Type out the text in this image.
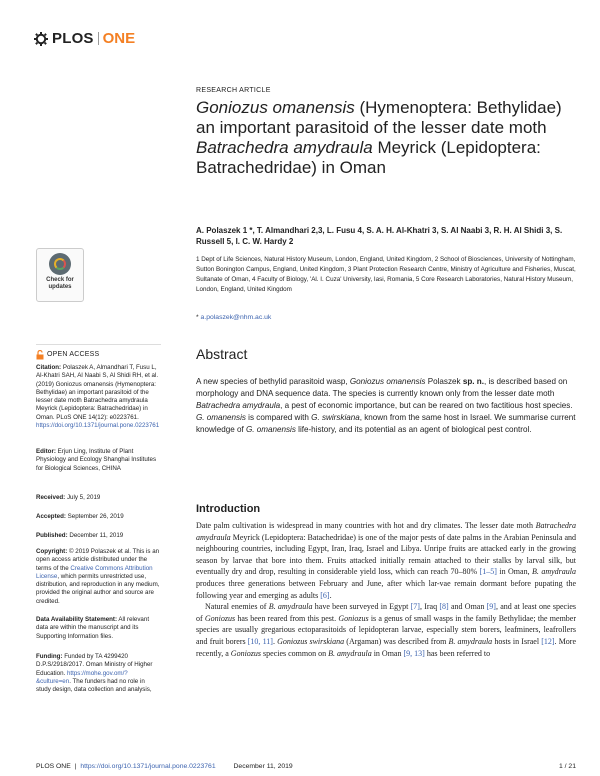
PLOS ONE
RESEARCH ARTICLE
Goniozus omanensis (Hymenoptera: Bethylidae) an important parasitoid of the lesser date moth Batrachedra amydraula Meyrick (Lepidoptera: Batrachedridae) in Oman
A. Polaszek 1 *, T. Almandhari 2,3, L. Fusu 4, S. A. H. Al-Khatri 3, S. Al Naabi 3, R. H. Al Shidi 3, S. Russell 5, I. C. W. Hardy 2
1 Dept of Life Sciences, Natural History Museum, London, England, United Kingdom, 2 School of Biosciences, University of Nottingham, Sutton Bonington Campus, England, United Kingdom, 3 Plant Protection Research Centre, Ministry of Agriculture and Fisheries, Muscat, Sultanate of Oman, 4 Faculty of Biology, 'Al. I. Cuza' University, Iasi, Romania, 5 Core Research Laboratories, Natural History Museum, London, England, United Kingdom
* a.polaszek@nhm.ac.uk
Abstract
A new species of bethylid parasitoid wasp, Goniozus omanensis Polaszek sp. n., is described based on morphology and DNA sequence data. The species is currently known only from the lesser date moth Batrachedra amydraula, a pest of economic importance, but can be reared on two factitious host species. G. omanensis is compared with G. swirskiana, known from the same host in Israel. We summarise current knowledge of G. omanensis life-history, and its potential as an agent of biological pest control.
Introduction

Date palm cultivation is widespread in many countries with hot and dry climates. The lesser date moth Batrachedra amydraula Meyrick (Lepidoptera: Batachedridae) is one of the major pests of date palms in the Arabian Peninsula and neighbouring countries, including Egypt, Iran, Iraq, Israel and Libya. Unripe fruits are attacked early in the growing season by larvae that bore into them. Fruits attacked initially remain attached to their stalks by larval silk, but eventually dry and drop, resulting in considerable yield loss, which can reach 70–80% [1–5] in Oman, B. amydraula produces three generations between February and June, after which lar-vae remain dormant before pupating the following year and emerging as adults [6].

Natural enemies of B. amydraula have been surveyed in Egypt [7], Iraq [8] and Oman [9], and at least one species of Goniozus has been reared from this pest. Goniozus is a genus of small wasps in the family Bethylidae; the member species are usually gregarious ectoparasitoids of lepidopteran larvae, especially stem borers, leafminers, leafrollers and fruit borers [10, 11]. Goniozus swirskiana (Argaman) was described from B. amydraula hosts in Israel [12]. More recently, a Goniozus species common on B. amydraula in Oman [9, 13] has been referred to

Check for updates
OPEN ACCESS

Citation: Polaszek A, Almandhari T, Fusu L, Al-Khatri SAH, Al Naabi S, Al Shidi RH, et al. (2019) Goniozus omanensis (Hymenoptera: Bethylidae) an important parasitoid of the lesser date moth Batrachedra amydraula Meyrick (Lepidoptera: Batrachedridae) in Oman. PLoS ONE 14(12): e0223761. https://doi.org/10.1371/journal.pone.0223761

Editor: Erjun Ling, Institute of Plant Physiology and Ecology Shanghai Institutes for Biological Sciences, CHINA

Received: July 5, 2019

Accepted: September 26, 2019

Published: December 11, 2019

Copyright: © 2019 Polaszek et al. This is an open access article distributed under the terms of the Creative Commons Attribution License, which permits unrestricted use, distribution, and reproduction in any medium, provided the original author and source are credited.

Data Availability Statement: All relevant data are within the manuscript and its Supporting Information files.

Funding: Funded by TA 4299420 D.P.S/2918/2017. Oman Ministry of Higher Education. https://mohe.gov.om/?&culture=en. The funders had no role in study design, data collection and analysis,

PLOS ONE | https://doi.org/10.1371/journal.pone.0223761	December 11, 2019	1 / 21
